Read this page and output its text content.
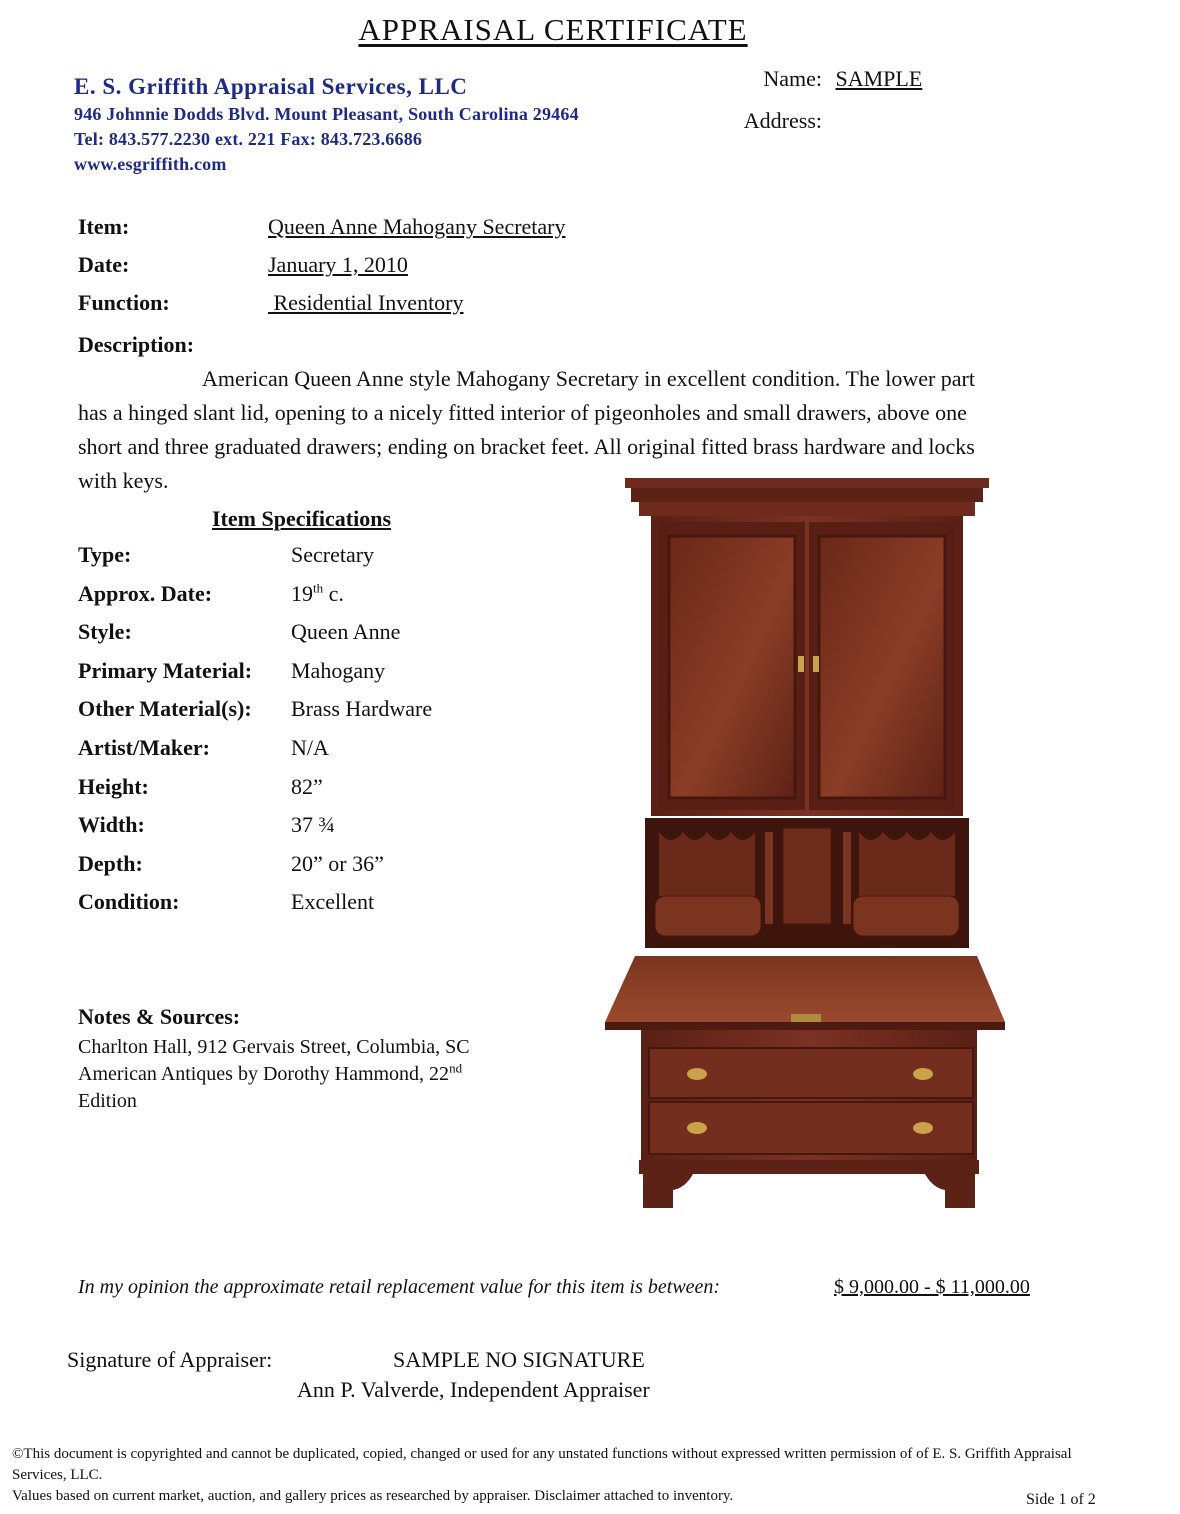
APPRAISAL CERTIFICATE
E. S. Griffith Appraisal Services, LLC
946 Johnnie Dodds Blvd. Mount Pleasant, South Carolina 29464
Tel: 843.577.2230 ext. 221 Fax: 843.723.6686
www.esgriffith.com
Name: SAMPLE
Address:
Item:	Queen Anne Mahogany Secretary
Date:	January 1, 2010
Function:	Residential Inventory
Description:
American Queen Anne style Mahogany Secretary in excellent condition. The lower part has a hinged slant lid, opening to a nicely fitted interior of pigeonholes and small drawers, above one short and three graduated drawers; ending on bracket feet. All original fitted brass hardware and locks with keys.
Item Specifications
Type:	Secretary
Approx. Date:	19th c.
Style:	Queen Anne
Primary Material:	Mahogany
Other Material(s):	Brass Hardware
Artist/Maker:	N/A
Height:	82”
Width:	37 ¾
Depth:	20” or 36”
Condition:	Excellent
Notes & Sources:
Charlton Hall, 912 Gervais Street, Columbia, SC
American Antiques by Dorothy Hammond, 22nd
Edition
In my opinion the approximate retail replacement value for this item is between:	$ 9,000.00 - $ 11,000.00
Signature of Appraiser:	SAMPLE NO SIGNATURE
Ann P. Valverde, Independent Appraiser
©This document is copyrighted and cannot be duplicated, copied, changed or used for any unstated functions without expressed written permission of of E. S. Griffith Appraisal Services, LLC.
Values based on current market, auction, and gallery prices as researched by appraiser. Disclaimer attached to inventory.	Side 1 of 2
